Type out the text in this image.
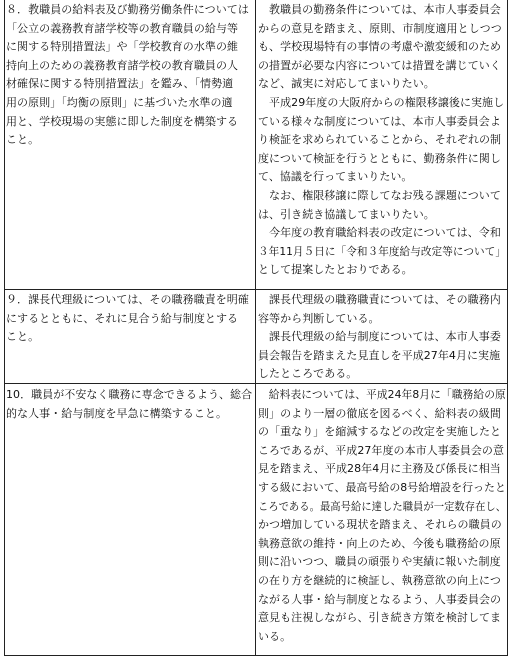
８．教職員の給料表及び勤務労働条件については
「公立の義務教育諸学校等の教育職員の給与等
に関する特別措置法」や「学校教育の水準の維
持向上のための義務教育諸学校の教育職員の人
材確保に関する特別措置法」を鑑み、「情勢適
用の原則」「均衡の原則」に基づいた水準の適
用と、学校現場の実態に即した制度を構築する
こと。
教職員の勤務条件については、本市人事委員会
からの意見を踏まえ、原則、市制度適用としつつ
も、学校現場特有の事情の考慮や激変緩和のため
の措置が必要な内容については措置を講じていく
など、誠実に対応してまいりたい。
　平成29年度の大阪府からの権限移譲後に実施し
ている様々な制度については、本市人事委員会よ
り検証を求められていることから、それぞれの制
度について検証を行うとともに、勤務条件に関し
て、協議を行ってまいりたい。
　なお、権限移譲に際してなお残る課題について
は、引き続き協議してまいりたい。
　今年度の教育職給料表の改定については、令和
３年11月５日に「令和３年度給与改定等について」
として提案したとおりである。
９．課長代理級については、その職務職責を明確
にするとともに、それに見合う給与制度とする
こと。
課長代理級の職務職責については、その職務内
容等から判断している。
　課長代理級の給与制度については、本市人事委
員会報告を踏まえた見直しを平成27年4月に実施
したところである。
10．職員が不安なく職務に専念できるよう、総合
的な人事・給与制度を早急に構築すること。
給料表については、平成24年8月に「職務給の原
則」のより一層の徹底を図るべく、給料表の級間
の「重なり」を縮減するなどの改定を実施したと
ころであるが、平成27年度の本市人事委員会の意
見を踏まえ、平成28年4月に主務及び係長に相当
する級において、最高号給の8号給増設を行ったと
ころである。最高号給に達した職員が一定数存在し、
かつ増加している現状を踏まえ、それらの職員の
執務意欲の維持・向上のため、今後も職務給の原
則に沿いつつ、職員の頑張りや実績に報いた制度
の在り方を継続的に検証し、執務意欲の向上につ
ながる人事・給与制度となるよう、人事委員会の
意見も注視しながら、引き続き方策を検討してま
いる。
